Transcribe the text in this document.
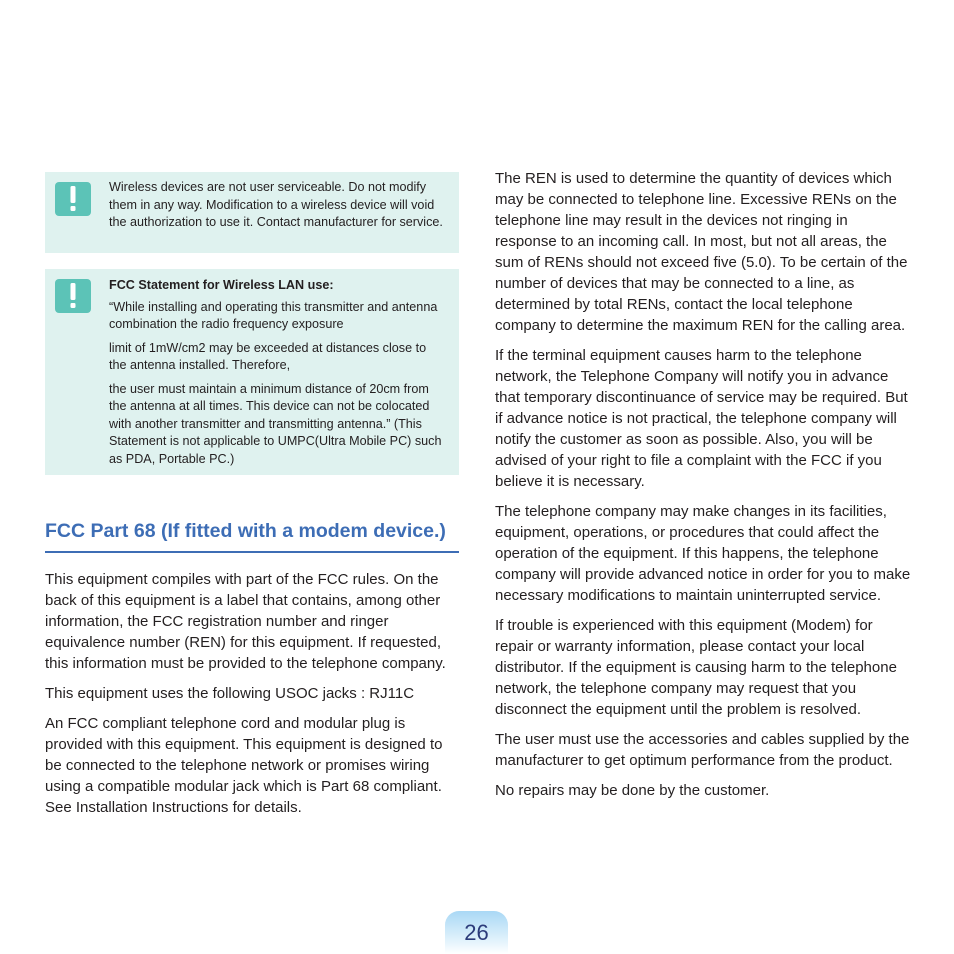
Wireless devices are not user serviceable. Do not modify them in any way. Modification to a wireless device will void the authorization to use it. Contact manufacturer for service.

FCC Statement for Wireless LAN use:

“While installing and operating this transmitter and antenna combination the radio frequency exposure

limit of 1mW/cm2 may be exceeded at distances close to the antenna installed. Therefore,

the user must maintain a minimum distance of 20cm from the antenna at all times. This device can not be colocated with another transmitter and transmitting antenna.” (This Statement is not applicable to UMPC(Ultra Mobile PC) such as PDA, Portable PC.)

FCC Part 68 (If fitted with a modem device.)

This equipment compiles with part of the FCC rules. On the back of this equipment is a label that contains, among other information, the FCC registration number and ringer equivalence number (REN) for this equipment. If requested, this information must be provided to the telephone company.

This equipment uses the following USOC jacks : RJ11C

An FCC compliant telephone cord and modular plug is provided with this equipment. This equipment is designed to be connected to the telephone network or promises wiring using a compatible modular jack which is Part 68 compliant. See Installation Instructions for details.

The REN is used to determine the quantity of devices which may be connected to telephone line. Excessive RENs on the telephone line may result in the devices not ringing in response to an incoming call. In most, but not all areas, the sum of RENs should not exceed five (5.0). To be certain of the number of devices that may be connected to a line, as determined by total RENs, contact the local telephone company to determine the maximum REN for the calling area.

If the terminal equipment causes harm to the telephone network, the Telephone Company will notify you in advance that temporary discontinuance of service may be required. But if advance notice is not practical, the telephone company will notify the customer as soon as possible. Also, you will be advised of your right to file a complaint with the FCC if you believe it is necessary.

The telephone company may make changes in its facilities, equipment, operations, or procedures that could affect the operation of the equipment. If this happens, the telephone company will provide advanced notice in order for you to make necessary modifications to maintain uninterrupted service.

If trouble is experienced with this equipment (Modem) for repair or warranty information, please contact your local distributor. If the equipment is causing harm to the telephone network, the telephone company may request that you disconnect the equipment until the problem is resolved.

The user must use the accessories and cables supplied by the manufacturer to get optimum performance from the product.

No repairs may be done by the customer.

26
